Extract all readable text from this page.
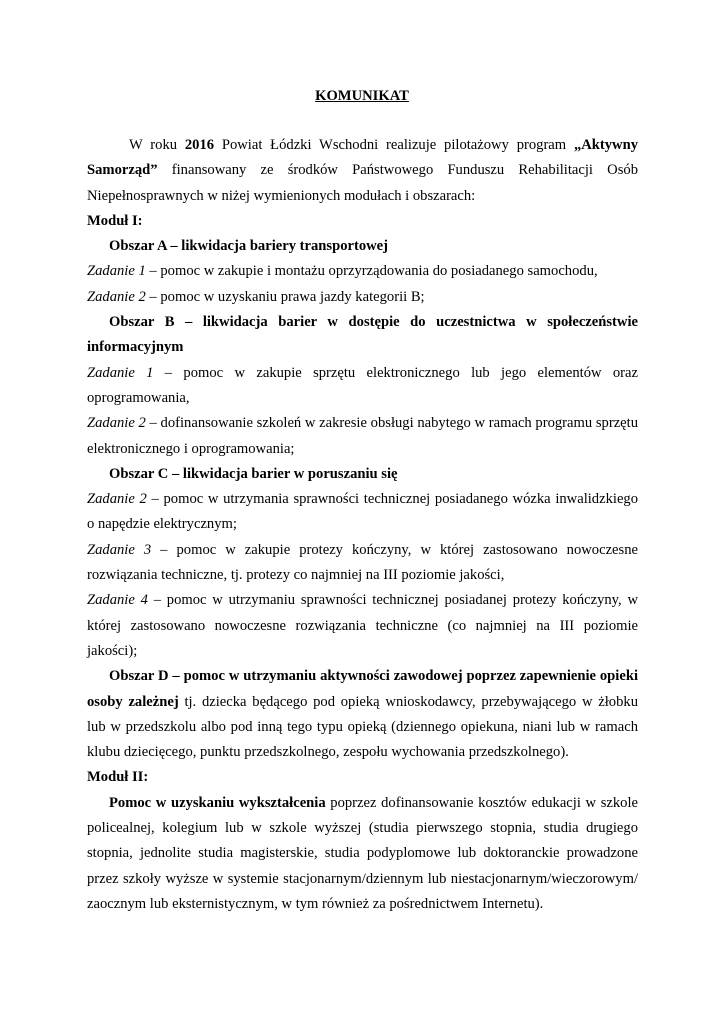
KOMUNIKAT

W roku 2016 Powiat Łódzki Wschodni realizuje pilotażowy program „Aktywny Samorząd” finansowany ze środków Państwowego Funduszu Rehabilitacji Osób Niepełnosprawnych w niżej wymienionych modułach i obszarach:

Moduł I:

Obszar A – likwidacja bariery transportowej

Zadanie 1 – pomoc w zakupie i montażu oprzyrządowania do posiadanego samochodu,

Zadanie 2 – pomoc w uzyskaniu prawa jazdy kategorii B;

Obszar B – likwidacja barier w dostępie do uczestnictwa w społeczeństwie informacyjnym

Zadanie 1 – pomoc w zakupie sprzętu elektronicznego lub jego elementów oraz oprogramowania,

Zadanie 2 – dofinansowanie szkoleń w zakresie obsługi nabytego w ramach programu sprzętu elektronicznego i oprogramowania;

Obszar C – likwidacja barier w poruszaniu się

Zadanie 2 – pomoc w utrzymania sprawności technicznej posiadanego wózka inwalidzkiego o napędzie elektrycznym;

Zadanie 3 – pomoc w zakupie protezy kończyny, w której zastosowano nowoczesne rozwiązania techniczne, tj. protezy co najmniej na III poziomie jakości,

Zadanie 4 – pomoc w utrzymaniu sprawności technicznej posiadanej protezy kończyny, w której zastosowano nowoczesne rozwiązania techniczne (co najmniej na III poziomie jakości);

Obszar D – pomoc w utrzymaniu aktywności zawodowej poprzez zapewnienie opieki osoby zależnej tj. dziecka będącego pod opieką wnioskodawcy, przebywającego w żłobku lub w przedszkolu albo pod inną tego typu opieką (dziennego opiekuna, niani lub w ramach klubu dziecięcego, punktu przedszkolnego, zespołu wychowania przedszkolnego).

Moduł II:

Pomoc w uzyskaniu wykształcenia poprzez dofinansowanie kosztów edukacji w szkole policealnej, kolegium lub w szkole wyższej (studia pierwszego stopnia, studia drugiego stopnia, jednolite studia magisterskie, studia podyplomowe lub doktoranckie prowadzone przez szkoły wyższe w systemie stacjonarnym/dziennym lub niestacjonarnym/wieczorowym/ zaocznym lub eksternistycznym, w tym również za pośrednictwem Internetu).
